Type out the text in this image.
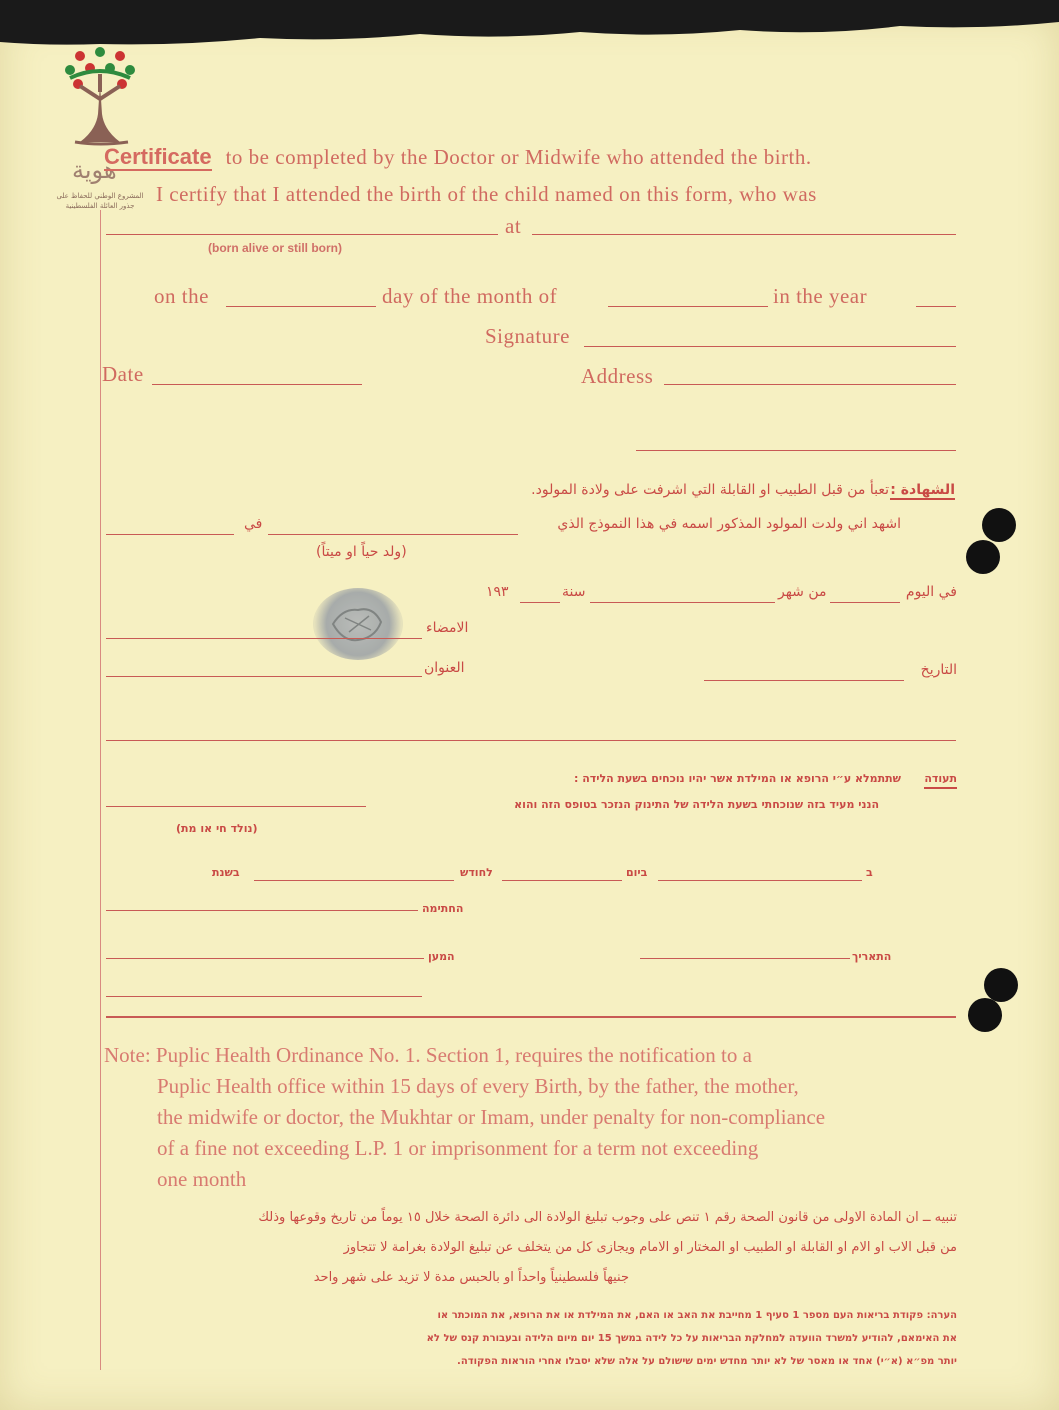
هوية
المشروع الوطني للحفاظ على
جذور العائلة الفلسطينية
Certificate to be completed by the Doctor or Midwife who attended the birth.
I certify that I attended the birth of the child named on this form, who was
at
(born alive or still born)
on the	day of the month of	in the year
Signature
Date	Address
الشهادة :
تعبأ من قبل الطبيب او القابلة التي اشرفت على ولادة المولود.
اشهد اني ولدت المولود المذكور اسمه في هذا النموذج الذي
في
(ولد حياً او ميتاً)
في اليوم
من شهر
سنة
١٩٣
الامضاء
العنوان	التاريخ
תעודה
שתתמלא ע״י הרופא או המילדת אשר יהיו נוכחים בשעת הלידה :
הנני מעיד בזה שנוכחתי בשעת הלידה של התינוק הנזכר בטופס הזה והוא
(נולד חי או מת)
ב
ביום
לחודש
בשנת
החתימה
המען	התאריך
Note: Puplic Health Ordinance No. 1. Section 1, requires the notification to a
Puplic Health office within 15 days of every Birth, by the father, the mother,
the midwife or doctor, the Mukhtar or Imam, under penalty for non-compliance
of a fine not exceeding L.P. 1 or imprisonment for a term not exceeding
one month
تنبيه ــ ان المادة الاولى من قانون الصحة رقم ١ تنص على وجوب تبليغ الولادة الى دائرة الصحة خلال ١٥ يوماً من تاريخ وقوعها وذلك
من قبل الاب او الام او القابلة او الطبيب او المختار او الامام ويجازى كل من يتخلف عن تبليغ الولادة بغرامة لا تتجاوز
جنيهاً فلسطينياً واحداً او بالحبس مدة لا تزيد على شهر واحد
הערה: פקודת בריאות העם מספר 1 סעיף 1 מחייבת את האב או האם, את המילדת או את הרופא, את המוכתר או
את האימאם, להודיע למשרד הוועדה למחלקת הבריאות על כל לידה במשך 15 יום מיום הלידה ובעבורת קנס של לא
יותר מפ״א (א״י) אחד או מאסר של לא יותר מחדש ימים שישולם על אלה שלא יסבלו אחרי הוראות הפקודה.
